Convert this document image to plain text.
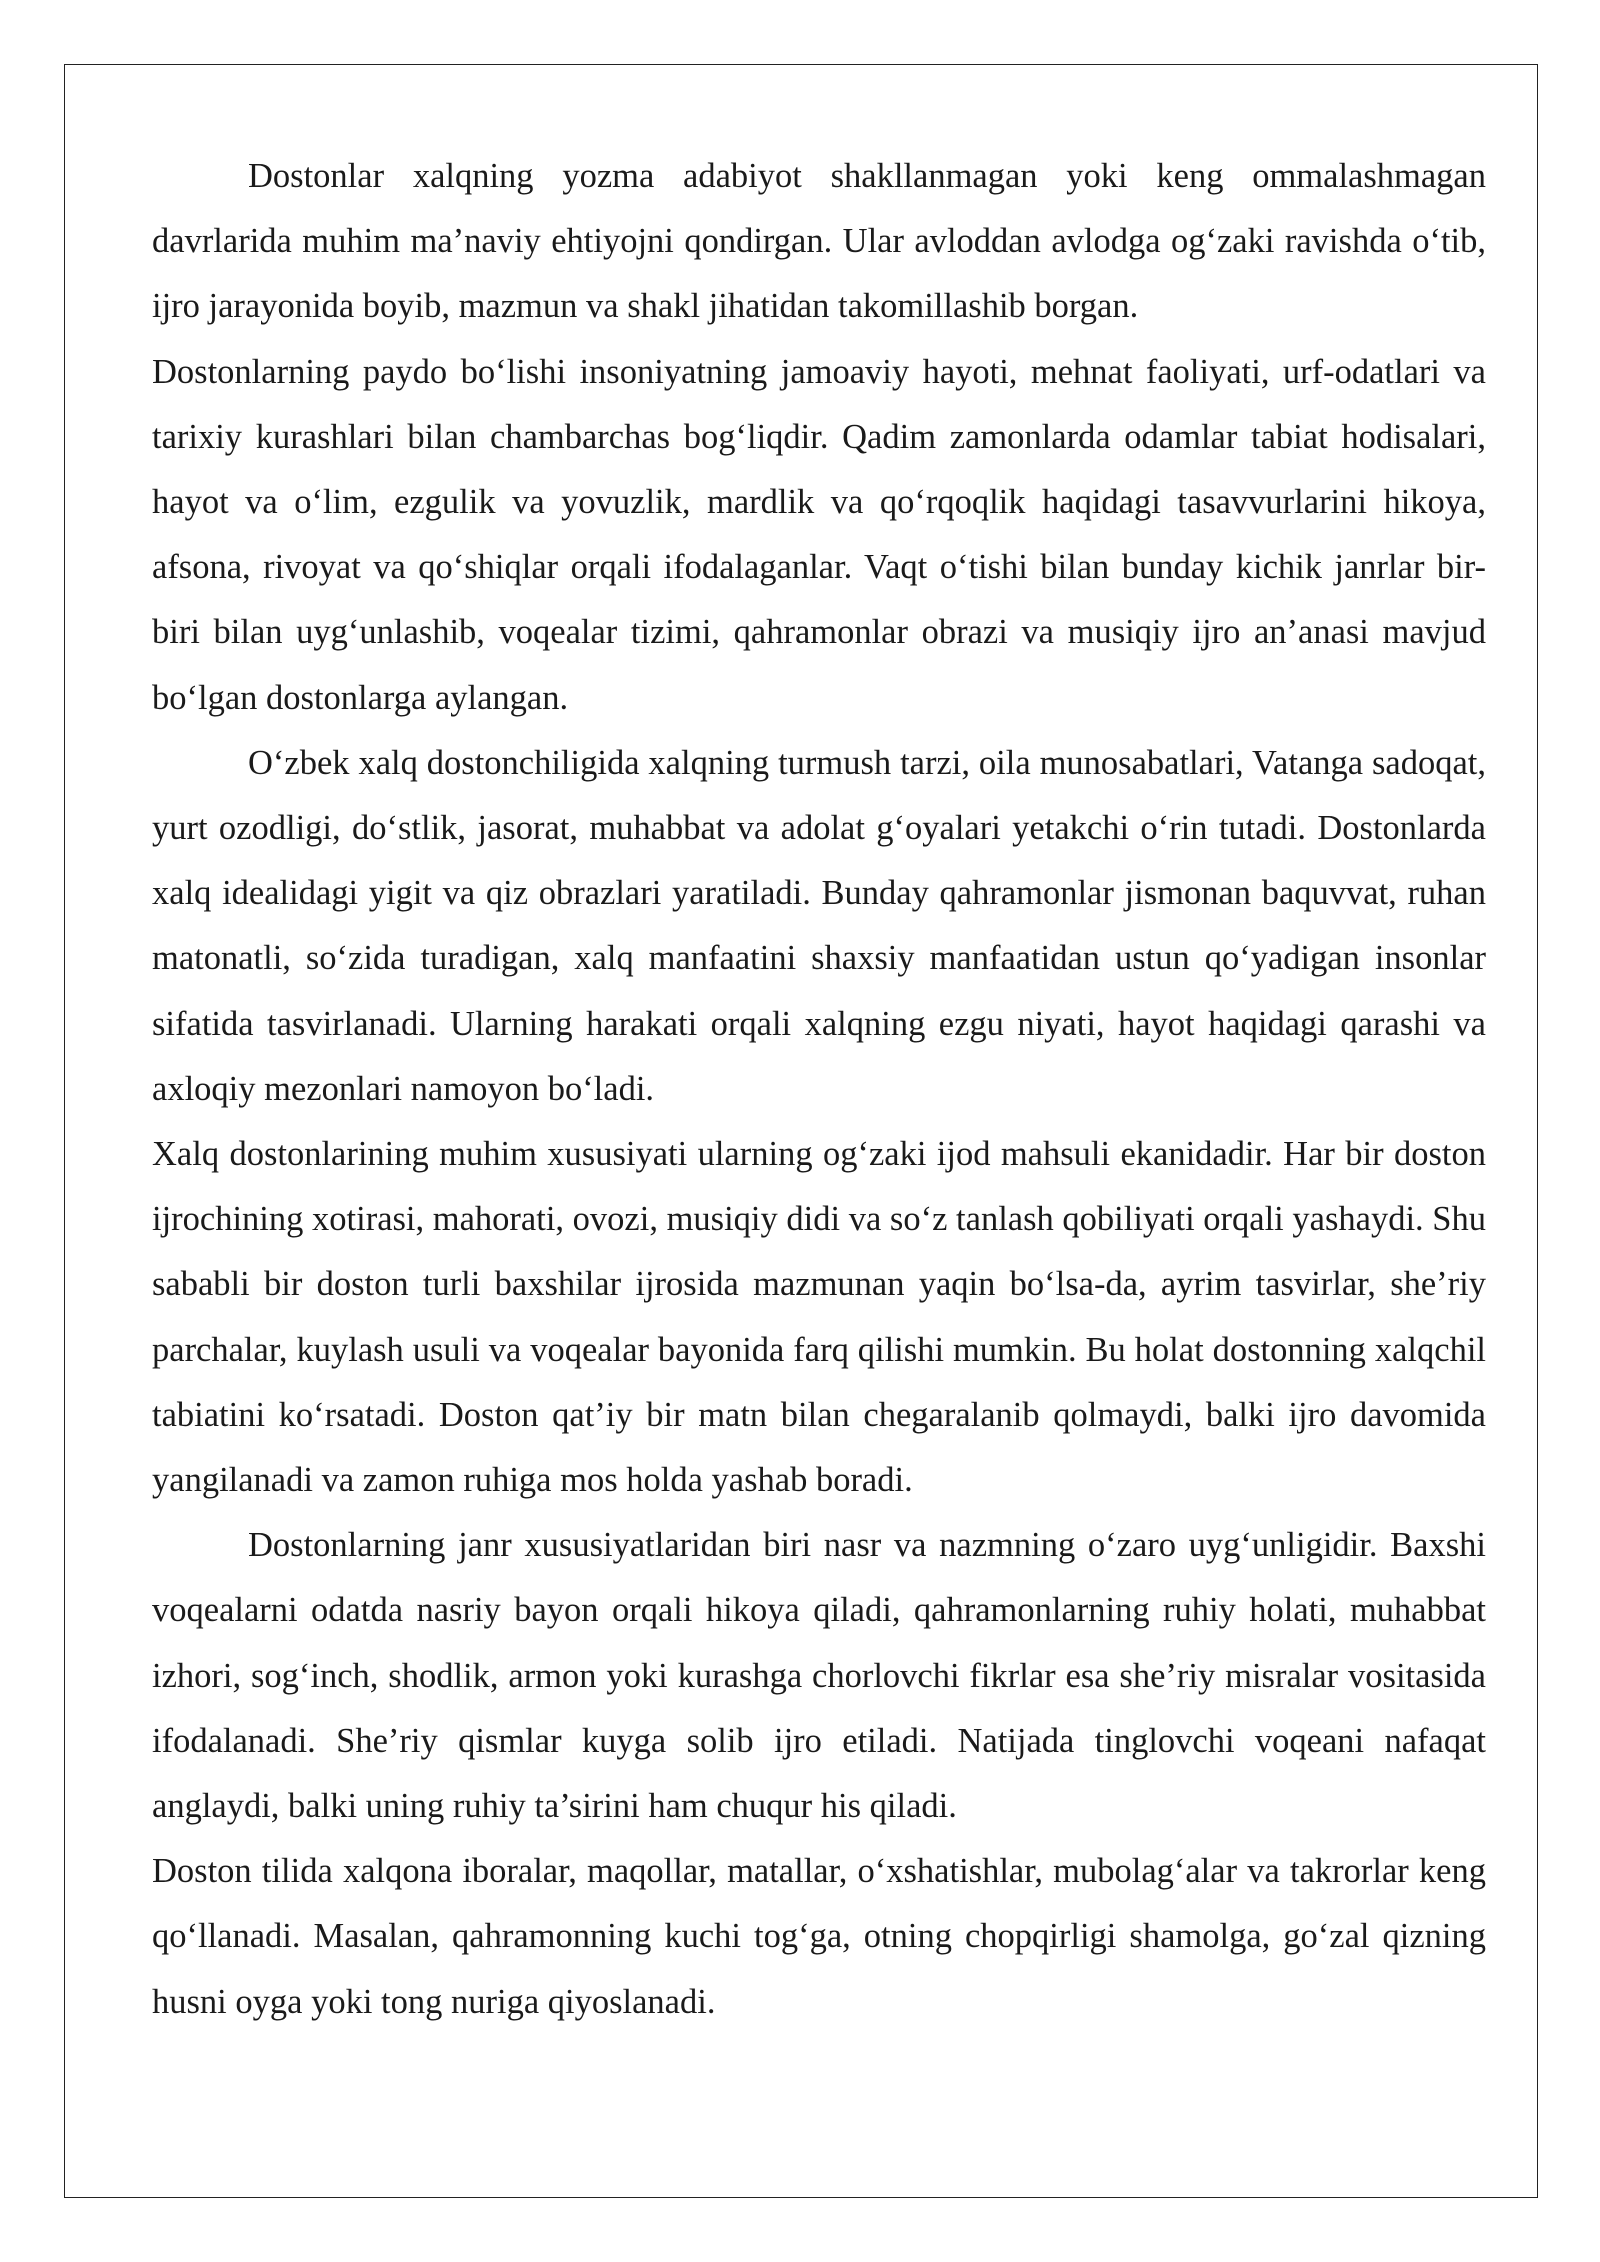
Dostonlar xalqning yozma adabiyot shakllanmagan yoki keng ommalashmagan davrlarida muhim ma’naviy ehtiyojni qondirgan. Ular avloddan avlodga og‘zaki ravishda o‘tib, ijro jarayonida boyib, mazmun va shakl jihatidan takomillashib borgan.

Dostonlarning paydo bo‘lishi insoniyatning jamoaviy hayoti, mehnat faoliyati, urf-odatlari va tarixiy kurashlari bilan chambarchas bog‘liqdir. Qadim zamonlarda odamlar tabiat hodisalari, hayot va o‘lim, ezgulik va yovuzlik, mardlik va qo‘rqoqlik haqidagi tasavvurlarini hikoya, afsona, rivoyat va qo‘shiqlar orqali ifodalaganlar. Vaqt o‘tishi bilan bunday kichik janrlar bir-biri bilan uyg‘unlashib, voqealar tizimi, qahramonlar obrazi va musiqiy ijro an’anasi mavjud bo‘lgan dostonlarga aylangan.

O‘zbek xalq dostonchiligida xalqning turmush tarzi, oila munosabatlari, Vatanga sadoqat, yurt ozodligi, do‘stlik, jasorat, muhabbat va adolat g‘oyalari yetakchi o‘rin tutadi. Dostonlarda xalq idealidagi yigit va qiz obrazlari yaratiladi. Bunday qahramonlar jismonan baquvvat, ruhan matonatli, so‘zida turadigan, xalq manfaatini shaxsiy manfaatidan ustun qo‘yadigan insonlar sifatida tasvirlanadi. Ularning harakati orqali xalqning ezgu niyati, hayot haqidagi qarashi va axloqiy mezonlari namoyon bo‘ladi.

Xalq dostonlarining muhim xususiyati ularning og‘zaki ijod mahsuli ekanidadir. Har bir doston ijrochining xotirasi, mahorati, ovozi, musiqiy didi va so‘z tanlash qobiliyati orqali yashaydi. Shu sababli bir doston turli baxshilar ijrosida mazmunan yaqin bo‘lsa-da, ayrim tasvirlar, she’riy parchalar, kuylash usuli va voqealar bayonida farq qilishi mumkin. Bu holat dostonning xalqchil tabiatini ko‘rsatadi. Doston qat’iy bir matn bilan chegaralanib qolmaydi, balki ijro davomida yangilanadi va zamon ruhiga mos holda yashab boradi.

Dostonlarning janr xususiyatlaridan biri nasr va nazmning o‘zaro uyg‘unligidir. Baxshi voqealarni odatda nasriy bayon orqali hikoya qiladi, qahramonlarning ruhiy holati, muhabbat izhori, sog‘inch, shodlik, armon yoki kurashga chorlovchi fikrlar esa she’riy misralar vositasida ifodalanadi. She’riy qismlar kuyga solib ijro etiladi. Natijada tinglovchi voqeani nafaqat anglaydi, balki uning ruhiy ta’sirini ham chuqur his qiladi.

Doston tilida xalqona iboralar, maqollar, matallar, o‘xshatishlar, mubolag‘alar va takrorlar keng qo‘llanadi. Masalan, qahramonning kuchi tog‘ga, otning chopqirligi shamolga, go‘zal qizning husni oyga yoki tong nuriga qiyoslanadi.
